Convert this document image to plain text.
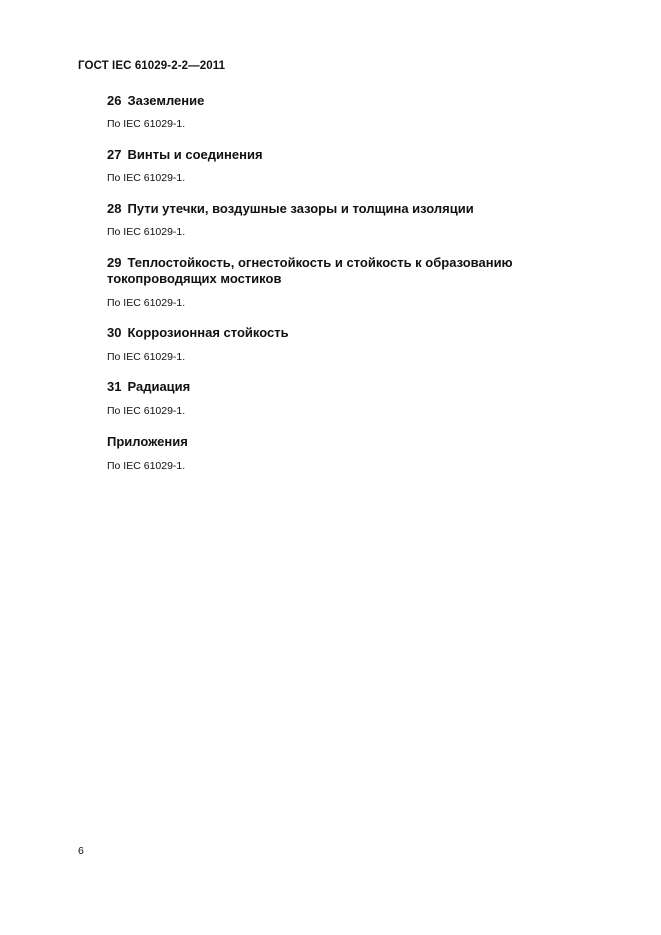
ГОСТ IEC 61029-2-2—2011

26 Заземление

По IEC 61029-1.

27 Винты и соединения

По IEC 61029-1.

28 Пути утечки, воздушные зазоры и толщина изоляции

По IEC 61029-1.

29 Теплостойкость, огнестойкость и стойкость к образованию

токопроводящих мостиков

По IEC 61029-1.

30 Коррозионная стойкость

По IEC 61029-1.

31 Радиация

По IEC 61029-1.

Приложения

По IEC 61029-1.

6
